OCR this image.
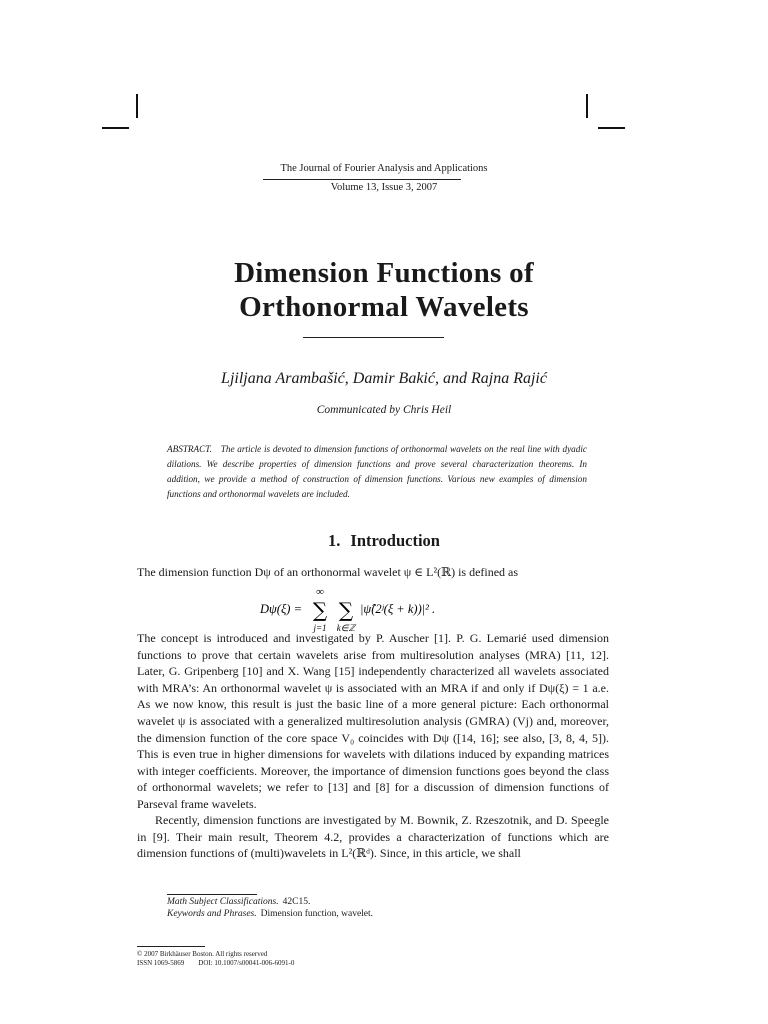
The Journal of Fourier Analysis and Applications
Volume 13, Issue 3, 2007
Dimension Functions of
Orthonormal Wavelets
Ljiljana Arambašić, Damir Bakić, and Rajna Rajić
Communicated by Chris Heil
ABSTRACT. The article is devoted to dimension functions of orthonormal wavelets on the real line with dyadic dilations. We describe properties of dimension functions and prove several characterization theorems. In addition, we provide a method of construction of dimension functions. Various new examples of dimension functions and orthonormal wavelets are included.
1. Introduction
The dimension function Dψ of an orthonormal wavelet ψ ∈ L²(ℝ) is defined as
Dψ(ξ) =
∞
∑
j=1
∑
k∈ℤ
|ψ̂(2ʲ(ξ + k))|² .
The concept is introduced and investigated by P. Auscher [1]. P. G. Lemarié used dimension functions to prove that certain wavelets arise from multiresolution analyses (MRA) [11, 12]. Later, G. Gripenberg [10] and X. Wang [15] independently characterized all wavelets associated with MRA’s: An orthonormal wavelet ψ is associated with an MRA if and only if Dψ(ξ) = 1 a.e. As we now know, this result is just the basic line of a more general picture: Each orthonormal wavelet ψ is associated with a generalized multiresolution analysis (GMRA) (Vj) and, moreover, the dimension function of the core space V₀ coincides with Dψ ([14, 16]; see also, [3, 8, 4, 5]). This is even true in higher dimensions for wavelets with dilations induced by expanding matrices with integer coefficients. Moreover, the importance of dimension functions goes beyond the class of orthonormal wavelets; we refer to [13] and [8] for a discussion of dimension functions of Parseval frame wavelets.
Recently, dimension functions are investigated by M. Bownik, Z. Rzeszotnik, and D. Speegle in [9]. Their main result, Theorem 4.2, provides a characterization of functions which are dimension functions of (multi)wavelets in L²(ℝᵈ). Since, in this article, we shall
Math Subject Classifications. 42C15.
Keywords and Phrases. Dimension function, wavelet.
© 2007 Birkhäuser Boston. All rights reserved
ISSN 1069-5869 DOI: 10.1007/s00041-006-6091-0
